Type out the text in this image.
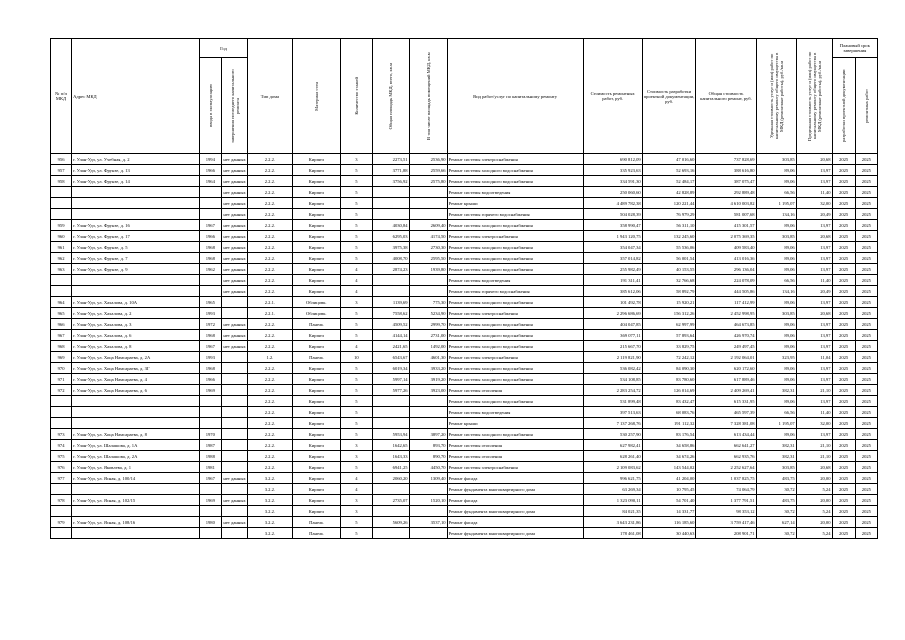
№ п/п МКД	Адрес МКД	Год		Тип дома	Материал стен	Количество этажей	Общая площадь МКД, всего, кв.м	В том числе площадь помещений МКД, кв.м	Вид работ/услуг по капитальному ремонту	Стоимость ремонтных работ, руб.	Стоимость разработки проектной документации, руб.	Общая стоимость капитального ремонт, руб.	Удельная стоимость услуг и (или) работ по капитальному ремонту общего имущества в МКД (ремонтные работы), руб./кв.м	Предельная стоимость услуг и (или) работ по капитальному ремонту общего имущества в МКД (ремонтные работы), руб./кв.м	Плановый срок завершения	

		ввода в эксплуатацию	завершения последнего капитального ремонта												разработки проектной документации	ремонтных работ

956	г. Улан-Удэ, ул. Учебная, д. 2	1994	нет данных	2.2.2.	Кирпич	3	2273,51	2536,90	Ремонт системы электроснабжения	690 812,09	47 016,60	737 828,69	303,85	20,68	2025	2025
957	г. Улан-Удэ, ул. Фрунзе, д. 13	1966	нет данных	2.2.2.	Кирпич	5	3771,88	2559,66	Ремонт системы холодного водоснабжения	335 923,63	52 693,16	388 616,80	89,06	13,97	2025	2025
958	г. Улан-Удэ, ул. Фрунзе, д. 14	1964	нет данных	2.2.2.	Кирпич	5	3756,92	2575,80	Ремонт системы холодного водоснабжения	334 591,30	52 484,17	387 075,47	89,06	13,97	2025	2025
			нет данных	2.2.2.	Кирпич	5			Ремонт системы водоотведения	250 060,60	42 828,89	292 889,48	66,56	11,40	2025	2025
			нет данных	2.2.2.	Кирпич	5			Ремонт крыши	4 489 782,38	120 221,44	4 610 003,82	1 195,07	32,00	2025	2025
			нет данных	2.2.2.	Кирпич	5			Ремонт системы горячего водоснабжения	504 028,39	76 979,29	581 007,68	134,16	20,49	2025	2025
959	г. Улан-Удэ, ул. Фрунзе, д. 16	1967	нет данных	2.2.2.	Кирпич	5	4030,84	2609,40	Ремонт системы холодного водоснабжения	358 990,47	56 311,10	415 301,57	89,06	13,97	2025	2025
960	г. Улан-Удэ, ул. Фрунзе, д. 17	1966	нет данных	2.2.2.	Кирпич	5	6295,03	4174,50	Ремонт системы электроснабжения	1 943 120,75	132 245,60	2 075 369,35	303,85	20,68	2025	2025
961	г. Улан-Удэ, ул. Фрунзе, д. 5	1968	нет данных	2.2.2.	Кирпич	5	3975,38	2730,30	Ремонт системы холодного водоснабжения	354 047,34	55 536,06	409 583,40	89,06	13,97	2025	2025
962	г. Улан-Удэ, ул. Фрунзе, д. 7	1968	нет данных	2.2.2.	Кирпич	5	4008,70	2595,50	Ремонт системы холодного водоснабжения	357 014,82	56 001,54	413 016,36	89,06	13,97	2025	2025
963	г. Улан-Удэ, ул. Фрунзе, д. 9	1962	нет данных	2.2.2.	Кирпич	4	2874,23	1939,80	Ремонт системы холодного водоснабжения	255 982,49	40 153,55	296 136,04	89,06	13,97	2025	2025
			нет данных	2.2.2.	Кирпич	4			Ремонт системы водоотведения	191 311,41	32 766,68	224 078,09	66,56	11,40	2025	2025
			нет данных	2.2.2.	Кирпич	4			Ремонт системы горячего водоснабжения	385 612,06	58 892,79	444 505,86	134,16	20,49	2025	2025
964	г. Улан-Удэ, ул. Хахалова, д. 10А	1965		2.2.1.	Облицовк.	3	1139,69	775,30	Ремонт системы холодного водоснабжения	101 492,78	15 920,21	117 412,99	89,06	13,97	2025	2025
965	г. Улан-Удэ, ул. Хахалова, д. 2	1993		2.2.1.	Облицовк.	5	7558,62	5234,90	Ремонт системы электроснабжения	2 296 686,69	156 312,26	2 452 998,95	303,85	20,68	2025	2025
966	г. Улан-Удэ, ул. Хахалова, д. 3	1972	нет данных	2.2.2.	Панель	5	4509,52	2999,70	Ремонт системы холодного водоснабжения	404 047,85	62 997,99	464 673,85	89,06	13,97	2025	2025
967	г. Улан-Удэ, ул. Хахалова, д. 6	1968	нет данных	2.2.2.	Кирпич	5	4144,14	2731,00	Ремонт системы холодного водоснабжения	369 077,11	57 893,64	426 970,74	89,06	13,97	2025	2025
968	г. Улан-Удэ, ул. Хахалова, д. 8	1967	нет данных	2.2.2.	Кирпич	4	2421,65	1492,00	Ремонт системы холодного водоснабжения	215 667,70	33 829,75	249 497,45	89,06	13,97	2025	2025
969	г. Улан-Удэ, ул. Хоца Намсараева, д. 2А	1993		1.2.	Панель	10	6543,67	4601,30	Ремонт системы электроснабжения	2 119 821,90	72 242,12	2 192 064,01	323,95	11,04	2025	2025
970	г. Улан-Удэ, ул. Хоца Намсараева, д. 3Г	1968		2.2.2.	Кирпич	5	6019,34	3933,20	Ремонт системы холодного водоснабжения	536 082,42	84 090,30	620 172,60	89,06	13,97	2025	2025
971	г. Улан-Удэ, ул. Хоца Намсараева, д. 4	1966		2.2.2.	Кирпич	5	5997,14	3919,20	Ремонт системы холодного водоснабжения	534 108,85	83 780,60	617 889,46	89,06	13,97	2025	2025
972	г. Улан-Удэ, ул. Хоца Намсараева, д. 6	1969		2.2.2.	Кирпич	5	5977,26	3923,00	Ремонт системы отопления	2 283 254,72	126 014,69	2 409 269,41	382,31	21,10	2025	2025
				2.2.2.	Кирпич	5			Ремонт системы холодного водоснабжения	531 899,48	83 432,47	615 331,95	89,06	13,97	2025	2025
				2.2.2.	Кирпич	5			Ремонт системы водоотведения	397 513,63	68 083,76	465 597,39	66,56	11,40	2025	2025
				2.2.2.	Кирпич	5			Ремонт крыши	7 137 268,76	191 112,32	7 328 381,08	1 195,07	32,00	2025	2025
973	г. Улан-Удэ, ул. Хоца Намсараева, д. 8	1970		2.2.2.	Кирпич	5	5953,94	3897,20	Ремонт системы холодного водоснабжения	530 257,90	83 176,54	613 434,44	89,06	13,97	2025	2025
974	г. Улан-Удэ, ул. Шалашова, д. 1А	1987		2.2.2.	Кирпич	3	1642,65	893,70	Ремонт системы отопления	627 982,41	34 658,86	662 641,27	382,31	21,10	2025	2025
975	г. Улан-Удэ, ул. Шалашова, д. 2А	1988		2.2.2.	Кирпич	3	1643,33	890,70	Ремонт системы отопления	628 261,40	34 674,26	662 935,76	382,31	21,10	2025	2025
976	г. Улан-Удэ, ул. Яковлева, д. 1	1981		2.2.2.	Кирпич	5	6941,25	4450,70	Ремонт системы электроснабжения	2 109 083,62	143 544,02	2 252 627,64	303,85	20,68	2025	2025
977	г. Улан-Удэ, ул. Ясная, д. 100/14	1967	нет данных	3.2.2.	Кирпич	4	2060,20	1309,40	Ремонт фасада	996 621,75	41 204,00	1 037 825,75	483,75	20,00	2025	2025
				3.2.2.	Кирпич	4			Ремонт фундамента многоквартирного дома	63 269,34	10 795,45	74 064,79	30,72	5,24	2025	2025
978	г. Улан-Удэ, ул. Ясная, д. 102/15	1969	нет данных	3.2.2.	Кирпич	3	2735,07	1520,10	Ремонт фасада	1 323 090,11	54 701,40	1 377 791,51	483,75	20,00	2025	2025
				3.2.2.	Кирпич	3			Ремонт фундамента многоквартирного дома	84 021,35	14 331,77	98 353,12	30,72	5,24	2025	2025
979	г. Улан-Удэ, ул. Ясная, д. 108/16	1980	нет данных	3.2.2.	Панель	5	5609,26	3537,10	Ремонт фасада	3 643 231,86	116 185,60	3 759 417,46	627,14	20,00	2025	2025
				3.2.2.	Панель	5			Ремонт фундамента многоквартирного дома	178 461,08	30 440,63	208 901,71	30,72	5,24	2025	2025
